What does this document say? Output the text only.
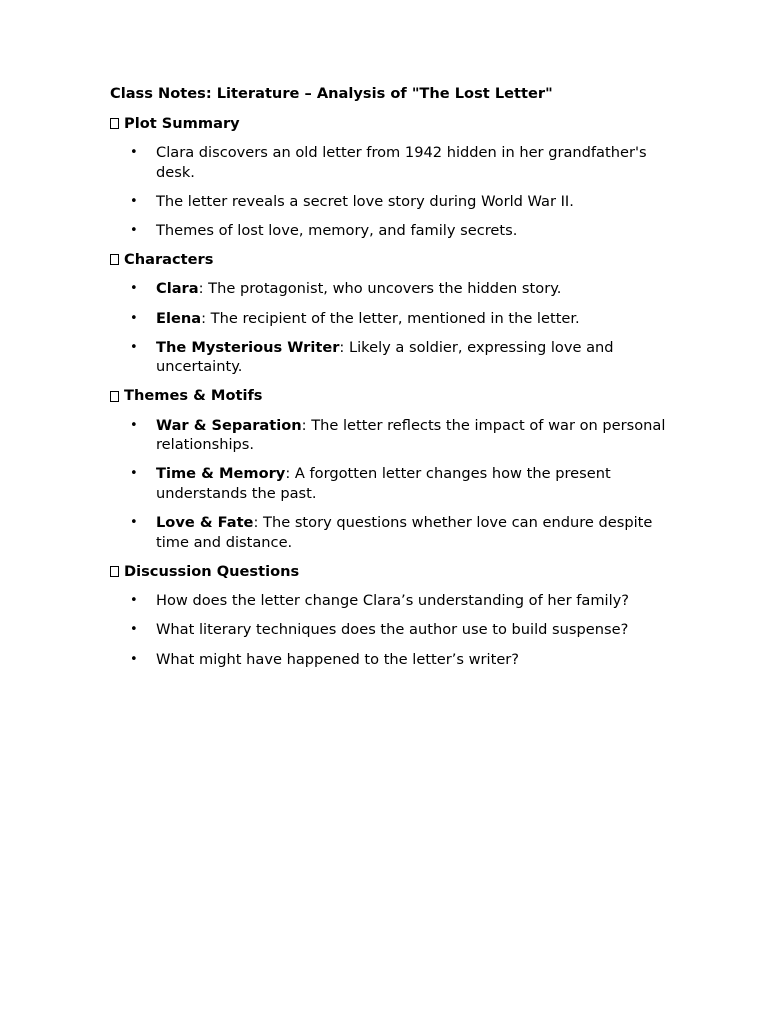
Class Notes: Literature – Analysis of "The Lost Letter"
Plot Summary
• Clara discovers an old letter from 1942 hidden in her grandfather's desk.
• The letter reveals a secret love story during World War II.
• Themes of lost love, memory, and family secrets.
Characters
• Clara: The protagonist, who uncovers the hidden story.
• Elena: The recipient of the letter, mentioned in the letter.
• The Mysterious Writer: Likely a soldier, expressing love and uncertainty.
Themes & Motifs
• War & Separation: The letter reflects the impact of war on personal relationships.
• Time & Memory: A forgotten letter changes how the present understands the past.
• Love & Fate: The story questions whether love can endure despite time and distance.
Discussion Questions
• How does the letter change Clara’s understanding of her family?
• What literary techniques does the author use to build suspense?
• What might have happened to the letter’s writer?
